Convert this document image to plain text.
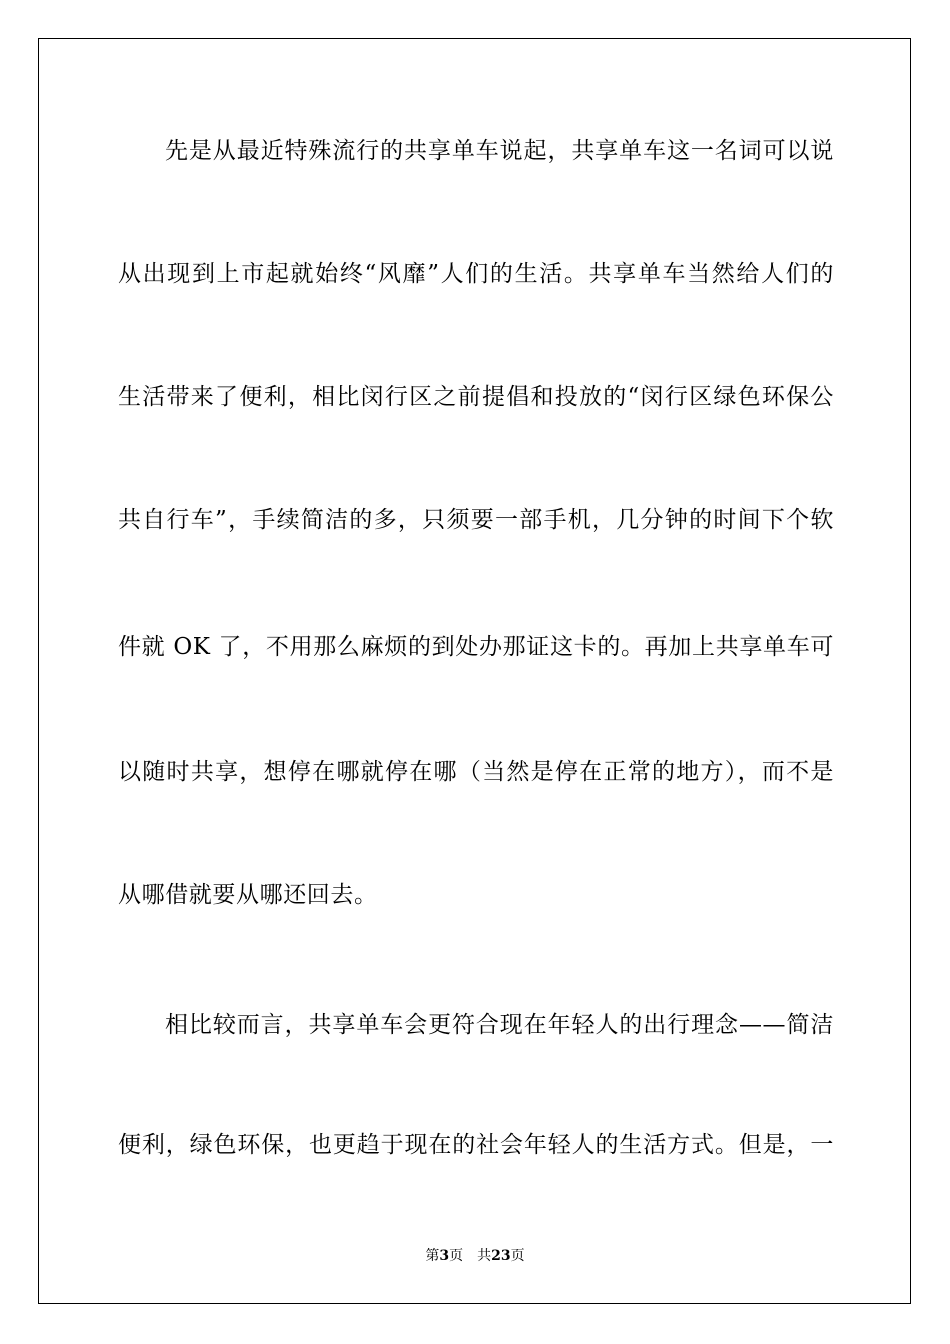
先是从最近特殊流行的共享单车说起，共享单车这一名词可以说
从出现到上市起就始终“风靡”人们的生活。共享单车当然给人们的
生活带来了便利，相比闵行区之前提倡和投放的“闵行区绿色环保公
共自行车”，手续简洁的多，只须要一部手机，几分钟的时间下个软
件就 OK 了，不用那么麻烦的到处办那证这卡的。再加上共享单车可
以随时共享，想停在哪就停在哪（当然是停在正常的地方），而不是
从哪借就要从哪还回去。
相比较而言，共享单车会更符合现在年轻人的出行理念——简洁
便利，绿色环保，也更趋于现在的社会年轻人的生活方式。但是，一
第3页 共23页
